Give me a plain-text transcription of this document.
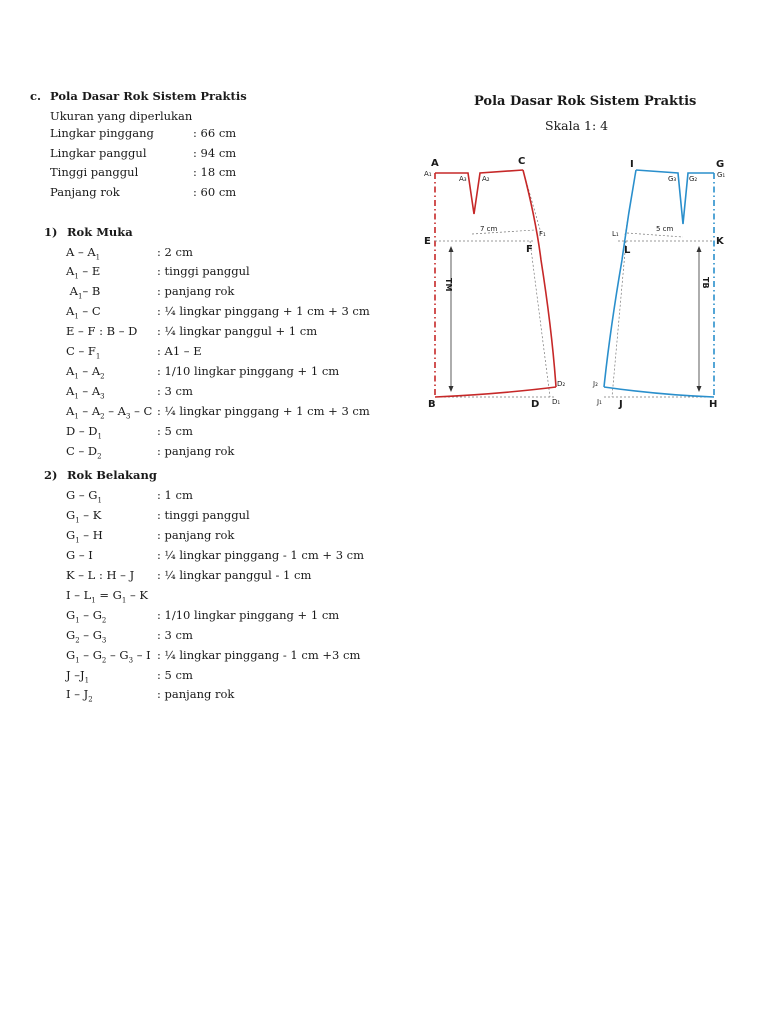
c. Pola Dasar Rok Sistem Praktis
Ukuran yang diperlukan
Lingkar pinggang	: 66 cm
Lingkar panggul	: 94 cm
Tinggi panggul	: 18 cm
Panjang rok	: 60 cm
1) Rok Muka
A – $A_1$	: 2 cm
$A_1$ – E	: tinggi panggul
$A_1-$ B	: panjang rok
$A_1$ – C	: ¼ lingkar pinggang + 1 cm + 3 cm
E – F : B – D : ¼ lingkar panggul + 1 cm
C – $F_1$	: A1 – E
$A_1 - A_2$	: 1/10 lingkar pinggang + 1 cm
$A_1 - A_3$	: 3 cm
$A_1 - A_2 - A_3$ – C : ¼ lingkar pinggang + 1 cm + 3 cm
D – $D_1$	: 5 cm
C – $D_2$	: panjang rok
2) Rok Belakang
G – $G_1$	: 1 cm
$G_1$ – K	: tinggi panggul
$G_1$ – H	: panjang rok
G – I	: ¼ lingkar pinggang - 1 cm + 3 cm
K – L : H – J : ¼ lingkar panggul - 1 cm
$I - L_1 = G_1 - K$
$G_1 - G_2$	: 1/10 lingkar pinggang + 1 cm
$G_2 - G_3$	: 3 cm
$G_1 - G_2 - G_3$ – I : ¼ lingkar pinggang - 1 cm +3 cm
J $-J_1$	: 5 cm
I – $J_2$	: panjang rok
Pola Dasar Rok Sistem Praktis
Skala 1: 4
A	C
A₁
A₃ A₂
E
F
F₁
7 cm
TM
B	D D₁
D₂
I	G
G₁
G₃ G₂
L₁
L
K
5 cm
TB
J₂
J₁ J	H
